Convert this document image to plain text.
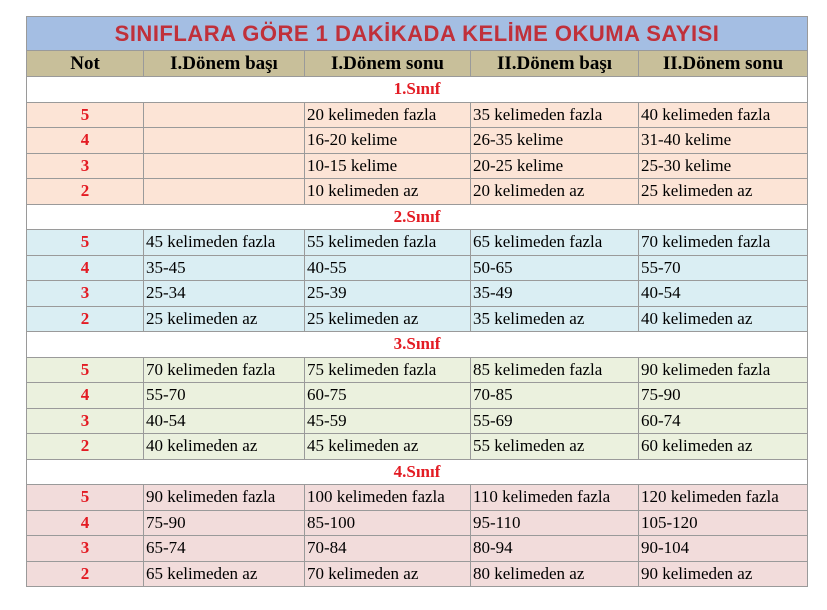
SINIFLARA GÖRE 1 DAKİKADA KELİME OKUMA SAYISI				
Not	I.Dönem başı	I.Dönem sonu	II.Dönem başı	II.Dönem sonu
1.Sınıf				
5		20 kelimeden fazla	35 kelimeden fazla	40 kelimeden fazla
4		16-20 kelime	26-35 kelime	31-40 kelime
3		10-15 kelime	20-25 kelime	25-30 kelime
2		10 kelimeden az	20 kelimeden az	25 kelimeden az
2.Sınıf				
5	45 kelimeden fazla	55 kelimeden fazla	65 kelimeden fazla	70 kelimeden fazla
4	35-45	40-55	50-65	55-70
3	25-34	25-39	35-49	40-54
2	25 kelimeden az	25 kelimeden az	35 kelimeden az	40 kelimeden az
3.Sınıf				
5	70 kelimeden fazla	75 kelimeden fazla	85 kelimeden fazla	90 kelimeden fazla
4	55-70	60-75	70-85	75-90
3	40-54	45-59	55-69	60-74
2	40 kelimeden az	45 kelimeden az	55 kelimeden az	60 kelimeden az
4.Sınıf				
5	90 kelimeden fazla	100 kelimeden fazla	110 kelimeden fazla	120 kelimeden fazla
4	75-90	85-100	95-110	105-120
3	65-74	70-84	80-94	90-104
2	65 kelimeden az	70 kelimeden az	80 kelimeden az	90 kelimeden az
